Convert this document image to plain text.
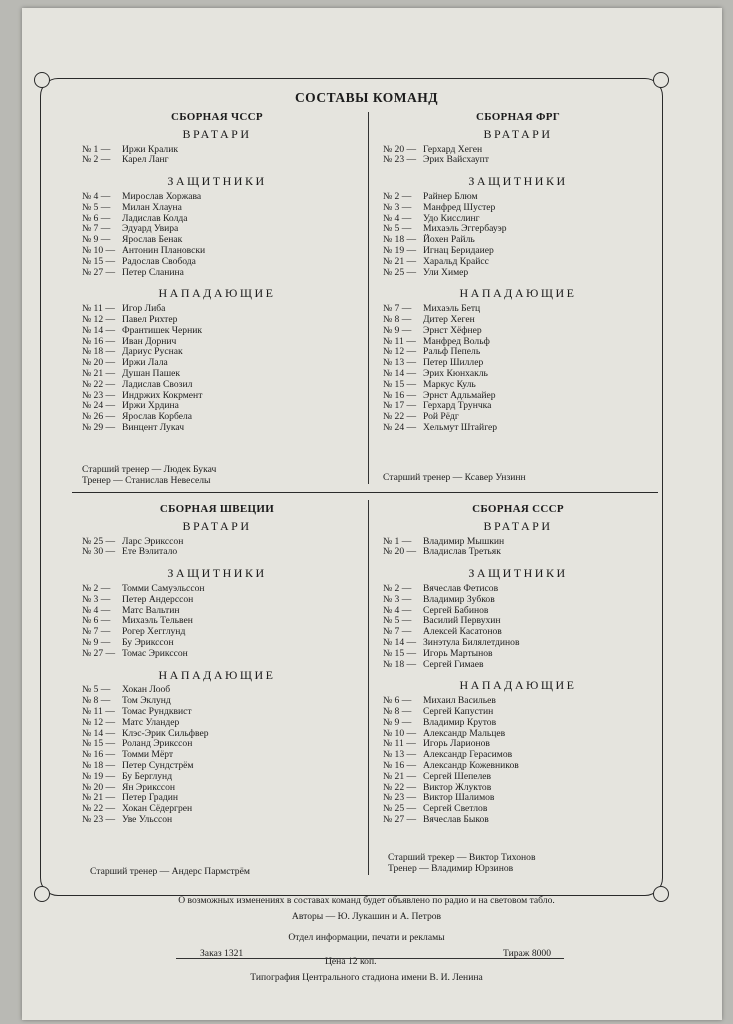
СОСТАВЫ КОМАНД
СБОРНАЯ ЧССР
ВРАТАРИ
№ 1 — Иржи Кралик
№ 2 — Карел Ланг
ЗАЩИТНИКИ
№ 4 — Мирослав Хоржава
№ 5 — Милан Хлауна
№ 6 — Ладислав Колда
№ 7 — Эдуард Увира
№ 9 — Ярослав Бенак
№ 10 — Антонин Плановски
№ 15 — Радослав Свобода
№ 27 — Петер Сланина
НАПАДАЮЩИЕ
№ 11 — Игор Либа
№ 12 — Павел Рихтер
№ 14 — Франтишек Черник
№ 16 — Иван Дорнич
№ 18 — Дариус Руснак
№ 20 — Иржи Лала
№ 21 — Душан Пашек
№ 22 — Ладислав Свозил
№ 23 — Индржих Кокрмент
№ 24 — Иржи Хрдина
№ 26 — Ярослав Корбела
№ 29 — Винцент Лукач
СБОРНАЯ ФРГ
ВРАТАРИ
№ 20 — Герхард Хеген
№ 23 — Эрих Вайсхаупт
ЗАЩИТНИКИ
№ 2 — Райнер Блюм
№ 3 — Манфред Шустер
№ 4 — Удо Кисслинг
№ 5 — Михаэль Эггербауэр
№ 18 — Йохен Райль
№ 19 — Игнац Беридаиер
№ 21 — Харальд Крайсс
№ 25 — Ули Химер
НАПАДАЮЩИЕ
№ 7 — Михаэль Бетц
№ 8 — Дитер Хеген
№ 9 — Эрнст Хёфнер
№ 11 — Манфред Вольф
№ 12 — Ральф Пепель
№ 13 — Петер Шиллер
№ 14 — Эрих Кюнхакль
№ 15 — Маркус Куль
№ 16 — Эрнст Адльмайер
№ 17 — Герхард Трунчка
№ 22 — Рой Рёдг
№ 24 — Хельмут Штайгер
СБОРНАЯ ШВЕЦИИ
ВРАТАРИ
№ 25 — Ларс Эриксcон
№ 30 — Ете Вэлитало
ЗАЩИТНИКИ
№ 2 — Томми Самуэльссон
№ 3 — Петер Андерссон
№ 4 — Матс Вальтин
№ 6 — Михаэль Тельвен
№ 7 — Рогер Хегглунд
№ 9 — Бу Эриксcон
№ 27 — Томас Эриксcон
НАПАДАЮЩИЕ
№ 5 — Хокан Лооб
№ 8 — Том Эклунд
№ 11 — Томас Рундквист
№ 12 — Матс Уландер
№ 14 — Клэс-Эрик Сильфвер
№ 15 — Роланд Эриксcон
№ 16 — Томми Мёрт
№ 18 — Петер Сундстрём
№ 19 — Бу Берглунд
№ 20 — Ян Эриксcон
№ 21 — Петер Градин
№ 22 — Хокан Сёдергрен
№ 23 — Уве Ульссон
СБОРНАЯ СССР
ВРАТАРИ
№ 1 — Владимир Мышкин
№ 20 — Владислав Третьяк
ЗАЩИТНИКИ
№ 2 — Вячеслав Фетисов
№ 3 — Владимир Зубков
№ 4 — Сергей Бабинов
№ 5 — Василий Первухин
№ 7 — Алексей Касатонов
№ 14 — Зинэтула Билялетдинов
№ 15 — Игорь Мартынов
№ 18 — Сергей Гимаев
НАПАДАЮЩИЕ
№ 6 — Михаил Васильев
№ 8 — Сергей Капустин
№ 9 — Владимир Крутов
№ 10 — Александр Мальцев
№ 11 — Игорь Ларионов
№ 13 — Александр Герасимов
№ 16 — Александр Кожевников
№ 21 — Сергей Шепелев
№ 22 — Виктор Жлуктов
№ 23 — Виктор Шалимов
№ 25 — Сергей Светлов
№ 27 — Вячеслав Быков
Старший тренер — Людек Букач
Тренер — Станислав Невеселы	Старший тренер — Ксавер Унзинн
Старший тренер — Андерс Пармстрём
Старший трекер — Виктор Тихонов
Тренер — Владимир Юрзинов
О возможных изменениях в составах команд будет объявлено по радио и на световом табло.
Авторы — Ю. Лукашин и А. Петров
Отдел информации, печати и рекламы
Заказ 1321
Цена 12 коп.
Тираж 8000
Типография Центрального стадиона имени В. И. Ленина
